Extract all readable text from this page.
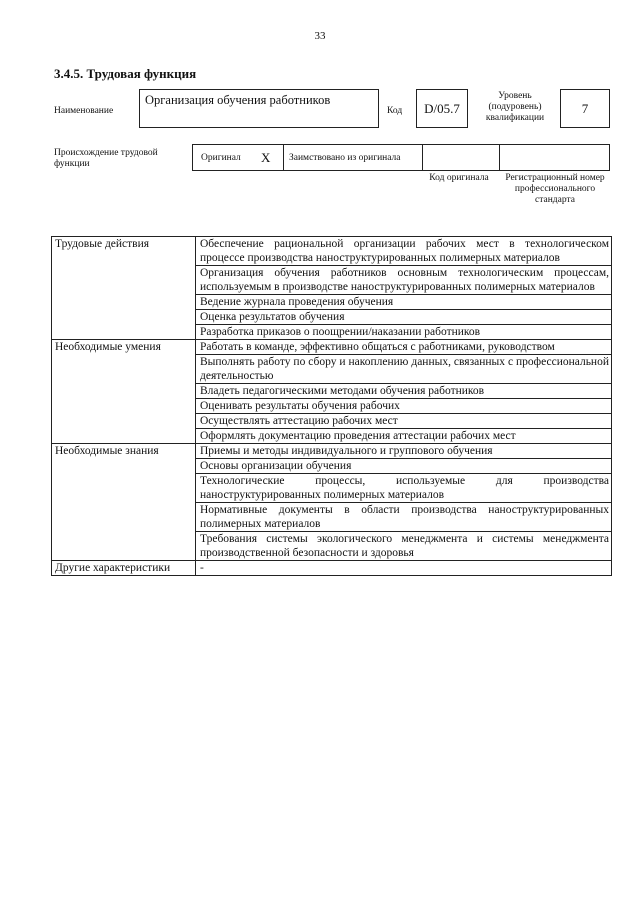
33
3.4.5. Трудовая функция
Наименование
Организация обучения работников
Код	D/05.7
Уровень (подуровень) квалификации
7
Происхождение трудовой функции
Оригинал X Заимствовано из оригинала
Код оригинала	Регистрационный номер профессионального стандарта
Трудовые действия	Обеспечение рациональной организации рабочих мест в технологическом процессе производства наноструктурированных полимерных материалов
	Организация обучения работников основным технологическим процессам, используемым в производстве наноструктурированных полимерных материалов
	Ведение журнала проведения обучения
	Оценка результатов обучения
	Разработка приказов о поощрении/наказании работников
Необходимые умения	Работать в команде, эффективно общаться с работниками, руководством
	Выполнять работу по сбору и накоплению данных, связанных с профессиональной деятельностью
	Владеть педагогическими методами обучения работников
	Оценивать результаты обучения рабочих
	Осуществлять аттестацию рабочих мест
	Оформлять документацию проведения аттестации рабочих мест
Необходимые знания	Приемы и методы индивидуального и группового обучения
	Основы организации обучения
	Технологические процессы, используемые для производства наноструктурированных полимерных материалов
	Нормативные документы в области производства наноструктурированных полимерных материалов
	Требования системы экологического менеджмента и системы менеджмента производственной безопасности и здоровья
Другие характеристики	-
